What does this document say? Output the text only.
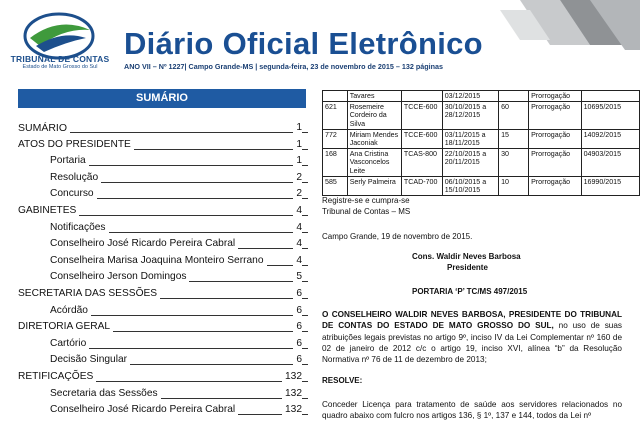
TRIBUNAL DE CONTAS
Estado de Mato Grosso do Sul
Diário Oficial Eletrônico
ANO VII – Nº 1227| Campo Grande-MS | segunda-feira, 23 de novembro de 2015 – 132 páginas
SUMÁRIO
SUMÁRIO	1
ATOS DO PRESIDENTE	1
Portaria	1
Resolução	2
Concurso	2
GABINETES	4
Notificações	4
Conselheiro José Ricardo Pereira Cabral	4
Conselheira Marisa Joaquina Monteiro Serrano	4
Conselheiro Jerson Domingos	5
SECRETARIA DAS SESSÕES	6
Acórdão	6
DIRETORIA GERAL	6
Cartório	6
Decisão Singular	6
RETIFICAÇÕES	132
Secretaria das Sessões	132
Conselheiro José Ricardo Pereira Cabral	132
	Tavares		03/12/2015		Prorrogação	
621	Rosemeire Cordeiro da Silva	TCCE-600	30/10/2015 a 28/12/2015	60	Prorrogação	10695/2015
772	Miriam Mendes Jaconiak	TCCE-600	03/11/2015 a 18/11/2015	15	Prorrogação	14092/2015
168	Ana Cristina Vasconcelos Leite	TCAS-800	22/10/2015 a 20/11/2015	30	Prorrogação	04903/2015
585	Serly Palmeira	TCAD-700	06/10/2015 a 15/10/2015	10	Prorrogação	16990/2015
Registre-se e cumpra-se
Tribunal de Contas – MS
Campo Grande, 19 de novembro de 2015.
Cons. Waldir Neves Barbosa
Presidente
PORTARIA ‘P’ TC/MS 497/2015
O CONSELHEIRO WALDIR NEVES BARBOSA, PRESIDENTE DO TRIBUNAL DE CONTAS DO ESTADO DE MATO GROSSO DO SUL, no uso de suas atribuições legais previstas no artigo 9º, inciso IV da Lei Complementar nº 160 de 02 de janeiro de 2012 c/c o artigo 19, inciso XVI, alínea “b” da Resolução Normativa nº 76 de 11 de dezembro de 2013;
RESOLVE:
Conceder Licença para tratamento de saúde aos servidores relacionados no quadro abaixo com fulcro nos artigos 136, § 1º, 137 e 144, todos da Lei nº
